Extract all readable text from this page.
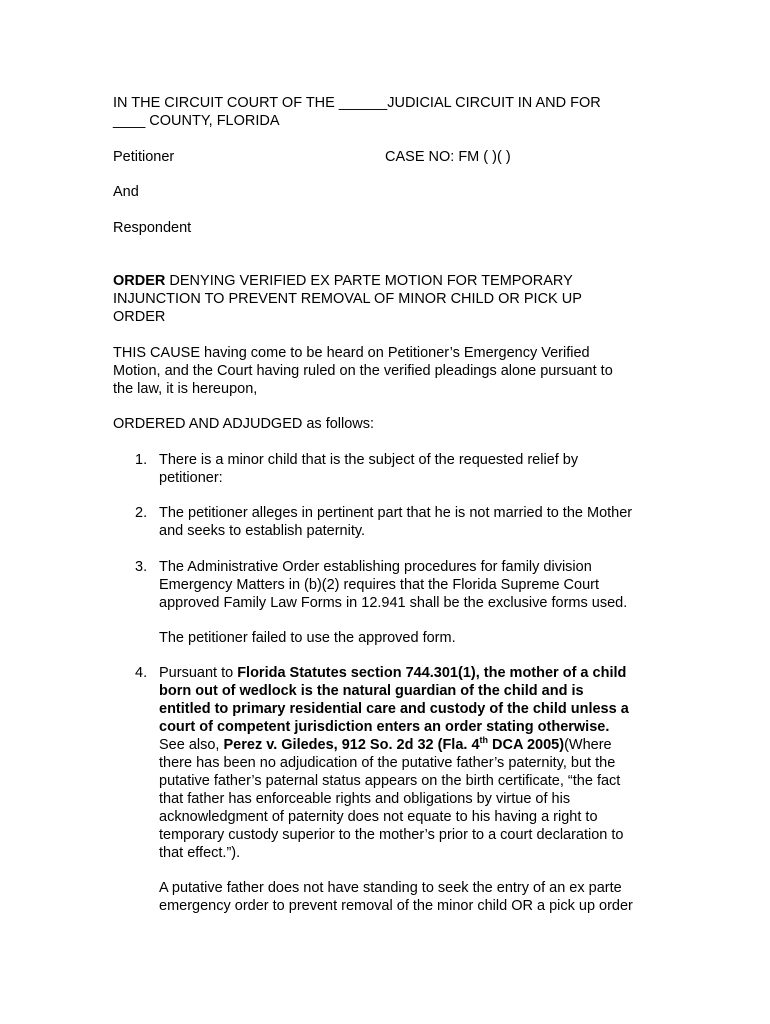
IN THE CIRCUIT COURT OF THE ______JUDICIAL CIRCUIT IN AND FOR
____ COUNTY, FLORIDA
Petitioner	CASE NO: FM ( )( )
And
Respondent
ORDER DENYING VERIFIED EX PARTE MOTION FOR TEMPORARY
INJUNCTION TO PREVENT REMOVAL OF MINOR CHILD OR PICK UP
ORDER
THIS CAUSE having come to be heard on Petitioner’s Emergency Verified
Motion, and the Court having ruled on the verified pleadings alone pursuant to
the law, it is hereupon,
ORDERED AND ADJUDGED as follows:
1. There is a minor child that is the subject of the requested relief by
petitioner:
2. The petitioner alleges in pertinent part that he is not married to the Mother
and seeks to establish paternity.
3. The Administrative Order establishing procedures for family division
Emergency Matters in (b)(2) requires that the Florida Supreme Court
approved Family Law Forms in 12.941 shall be the exclusive forms used.
The petitioner failed to use the approved form.
4. Pursuant to Florida Statutes section 744.301(1), the mother of a child
born out of wedlock is the natural guardian of the child and is
entitled to primary residential care and custody of the child unless a
court of competent jurisdiction enters an order stating otherwise.
See also, Perez v. Giledes, 912 So. 2d 32 (Fla. 4th DCA 2005)(Where
there has been no adjudication of the putative father’s paternity, but the
putative father’s paternal status appears on the birth certificate, “the fact
that father has enforceable rights and obligations by virtue of his
acknowledgment of paternity does not equate to his having a right to
temporary custody superior to the mother’s prior to a court declaration to
that effect.”).
A putative father does not have standing to seek the entry of an ex parte
emergency order to prevent removal of the minor child OR a pick up order
